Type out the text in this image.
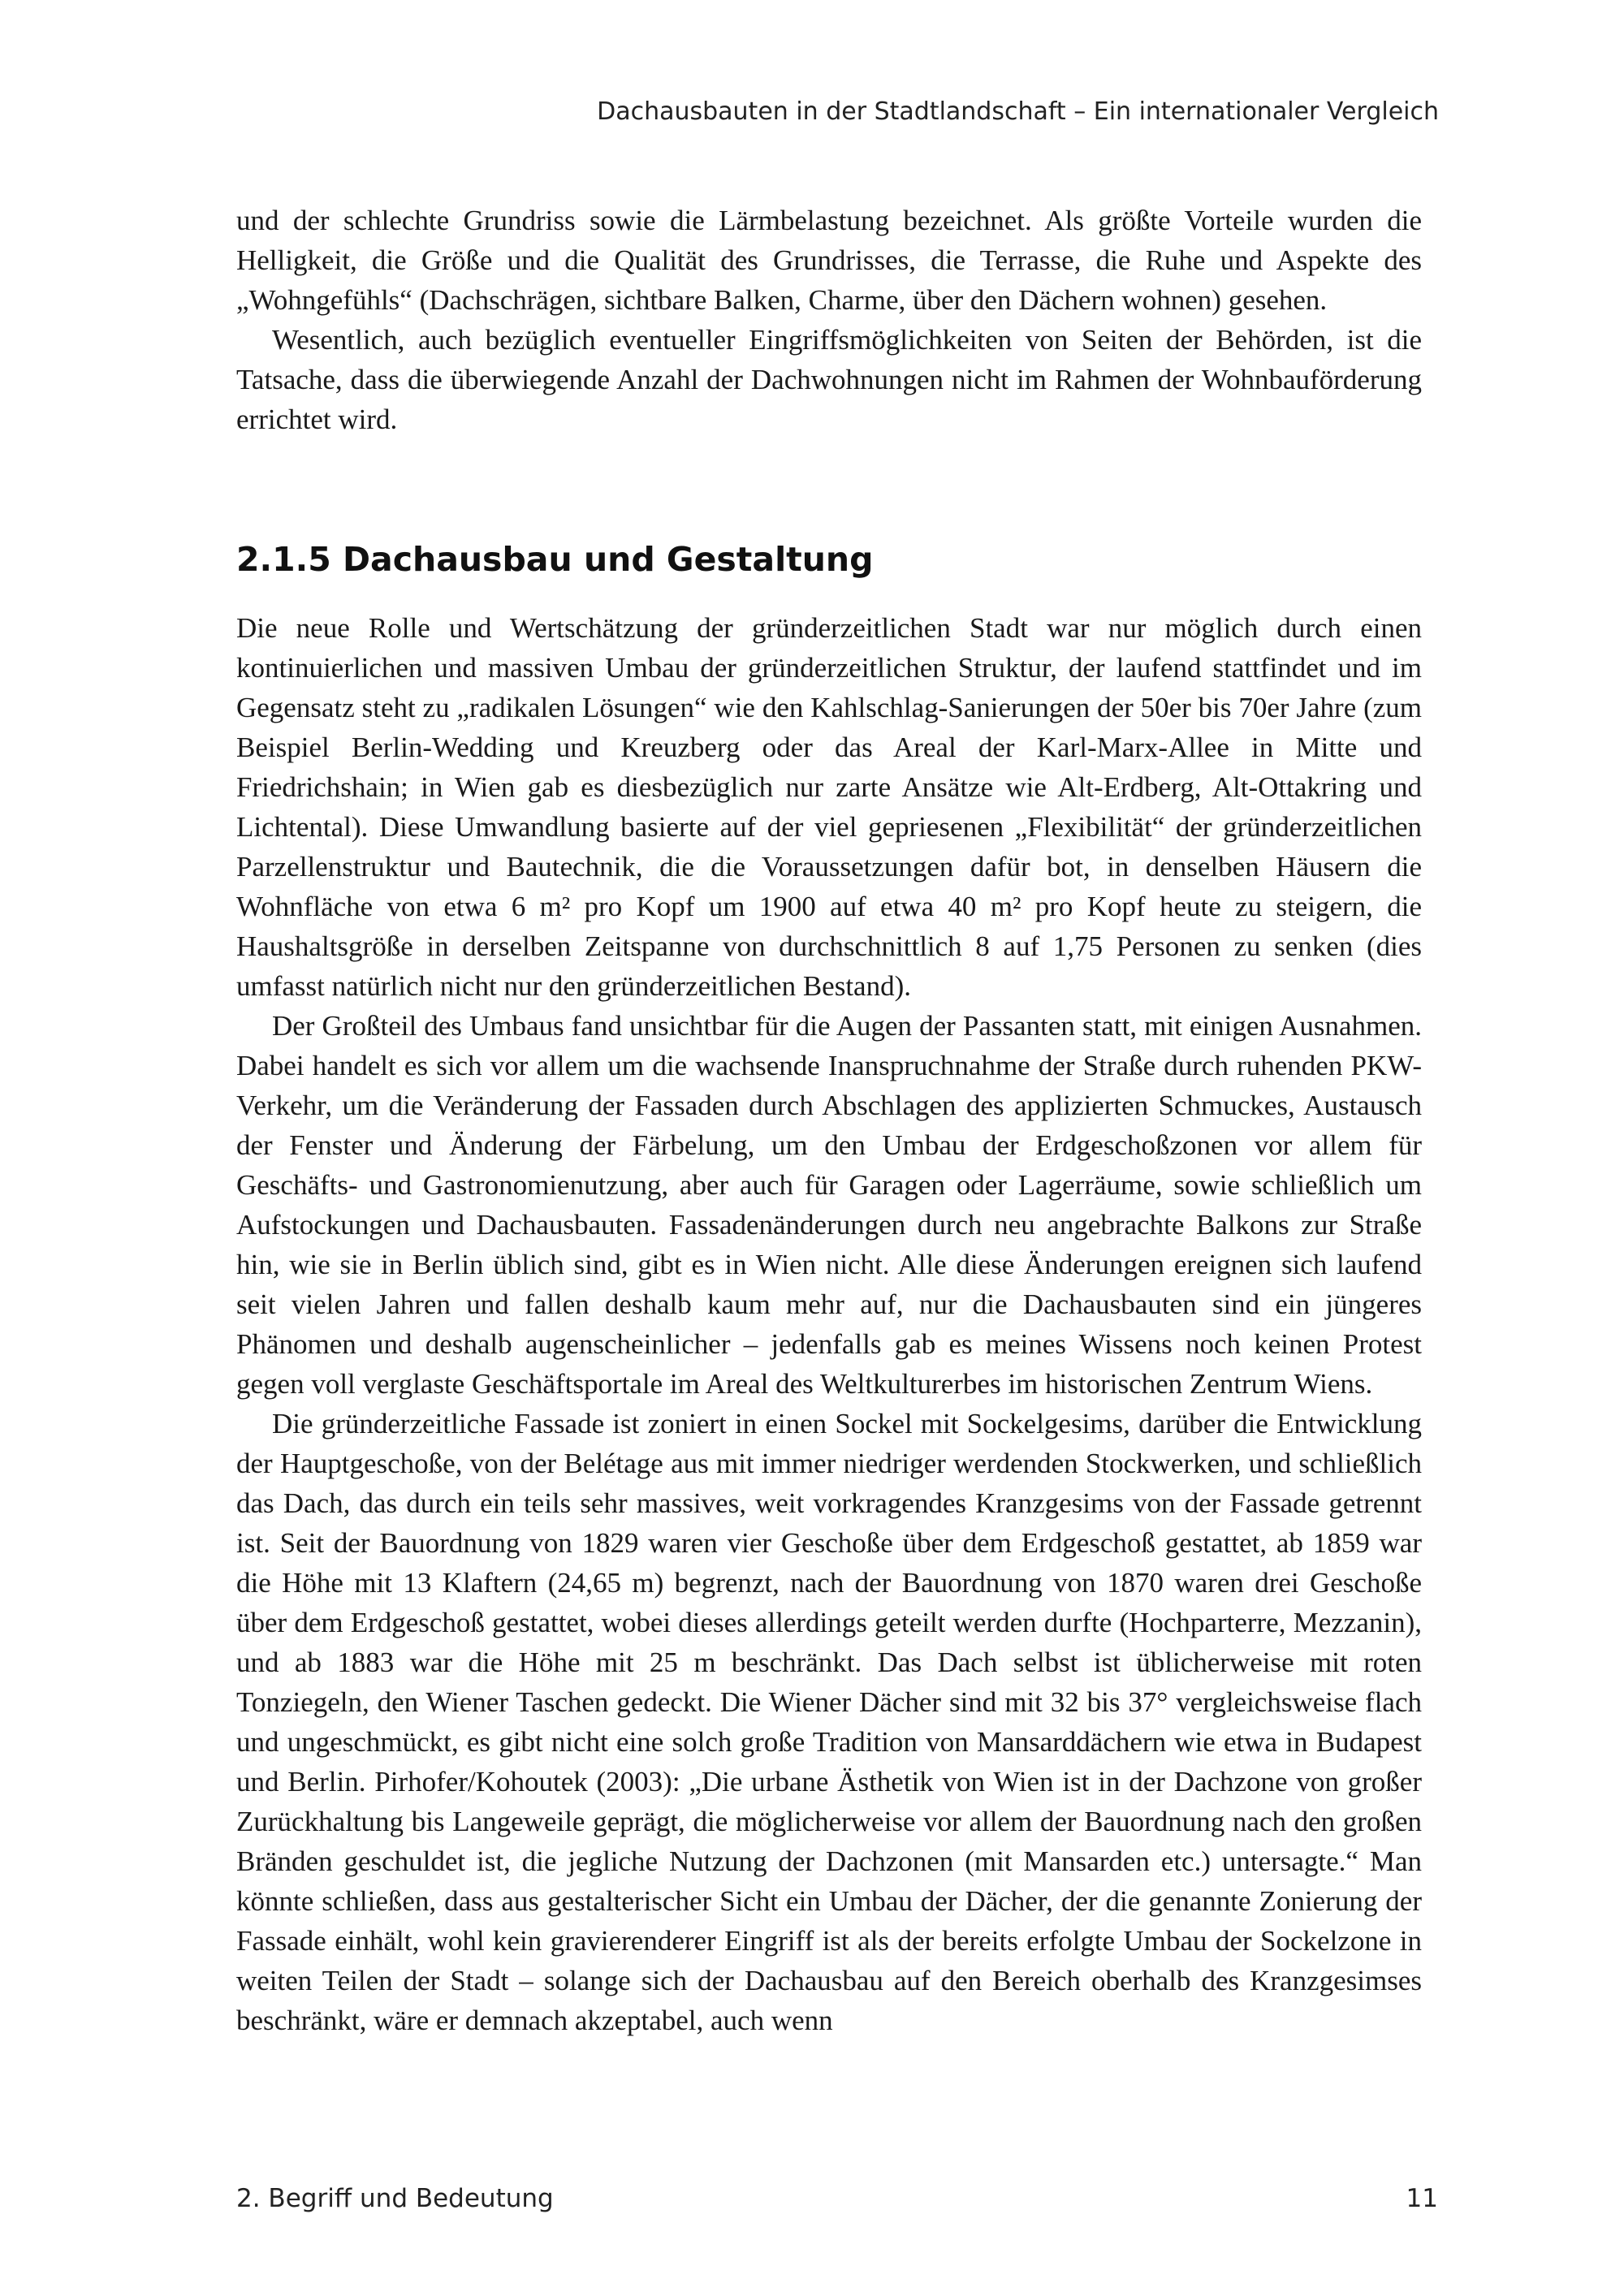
Dachausbauten in der Stadtlandschaft – Ein internationaler Vergleich

und der schlechte Grundriss sowie die Lärmbelastung bezeichnet. Als größte Vorteile wurden die Helligkeit, die Größe und die Qualität des Grundrisses, die Terrasse, die Ruhe und Aspekte des „Wohngefühls“ (Dachschrägen, sichtbare Balken, Charme, über den Dächern wohnen) gesehen.

Wesentlich, auch bezüglich eventueller Eingriffsmöglichkeiten von Seiten der Behörden, ist die Tatsache, dass die überwiegende Anzahl der Dachwohnungen nicht im Rahmen der Wohnbauförderung errichtet wird.

2.1.5 Dachausbau und Gestaltung

Die neue Rolle und Wertschätzung der gründerzeitlichen Stadt war nur möglich durch einen kontinuierlichen und massiven Umbau der gründerzeitlichen Struktur, der laufend stattfindet und im Gegensatz steht zu „radikalen Lösungen“ wie den Kahlschlag-Sanierungen der 50er bis 70er Jahre (zum Beispiel Berlin-Wedding und Kreuzberg oder das Areal der Karl-Marx-Allee in Mitte und Friedrichshain; in Wien gab es diesbezüglich nur zarte Ansätze wie Alt-Erdberg, Alt-Ottakring und Lichtental). Diese Umwandlung basierte auf der viel gepriesenen „Flexibilität“ der gründerzeitlichen Parzellenstruktur und Bautechnik, die die Voraussetzungen dafür bot, in denselben Häusern die Wohnfläche von etwa 6 m² pro Kopf um 1900 auf etwa 40 m² pro Kopf heute zu steigern, die Haushaltsgröße in derselben Zeitspanne von durchschnittlich 8 auf 1,75 Personen zu senken (dies umfasst natürlich nicht nur den gründerzeitlichen Bestand).

Der Großteil des Umbaus fand unsichtbar für die Augen der Passanten statt, mit einigen Ausnahmen. Dabei handelt es sich vor allem um die wachsende Inanspruchnahme der Straße durch ruhenden PKW-Verkehr, um die Veränderung der Fassaden durch Abschlagen des applizierten Schmuckes, Austausch der Fenster und Änderung der Färbelung, um den Umbau der Erdgeschoßzonen vor allem für Geschäfts- und Gastronomienutzung, aber auch für Garagen oder Lagerräume, sowie schließlich um Aufstockungen und Dachausbauten. Fassadenänderungen durch neu angebrachte Balkons zur Straße hin, wie sie in Berlin üblich sind, gibt es in Wien nicht. Alle diese Änderungen ereignen sich laufend seit vielen Jahren und fallen deshalb kaum mehr auf, nur die Dachausbauten sind ein jüngeres Phänomen und deshalb augenscheinlicher – jedenfalls gab es meines Wissens noch keinen Protest gegen voll verglaste Geschäftsportale im Areal des Weltkulturerbes im historischen Zentrum Wiens.

Die gründerzeitliche Fassade ist zoniert in einen Sockel mit Sockelgesims, darüber die Entwicklung der Hauptgeschoße, von der Belétage aus mit immer niedriger werdenden Stockwerken, und schließlich das Dach, das durch ein teils sehr massives, weit vorkragendes Kranzgesims von der Fassade getrennt ist. Seit der Bauordnung von 1829 waren vier Geschoße über dem Erdgeschoß gestattet, ab 1859 war die Höhe mit 13 Klaftern (24,65 m) begrenzt, nach der Bauordnung von 1870 waren drei Geschoße über dem Erdgeschoß gestattet, wobei dieses allerdings geteilt werden durfte (Hochparterre, Mezzanin), und ab 1883 war die Höhe mit 25 m beschränkt. Das Dach selbst ist üblicherweise mit roten Tonziegeln, den Wiener Taschen gedeckt. Die Wiener Dächer sind mit 32 bis 37° vergleichsweise flach und ungeschmückt, es gibt nicht eine solch große Tradition von Mansarddächern wie etwa in Budapest und Berlin. Pirhofer/Kohoutek (2003): „Die urbane Ästhetik von Wien ist in der Dachzone von großer Zurückhaltung bis Langeweile geprägt, die möglicherweise vor allem der Bauordnung nach den großen Bränden geschuldet ist, die jegliche Nutzung der Dachzonen (mit Mansarden etc.) untersagte.“ Man könnte schließen, dass aus gestalterischer Sicht ein Umbau der Dächer, der die genannte Zonierung der Fassade einhält, wohl kein gravierenderer Eingriff ist als der bereits erfolgte Umbau der Sockelzone in weiten Teilen der Stadt – solange sich der Dachausbau auf den Bereich oberhalb des Kranzgesimses beschränkt, wäre er demnach akzeptabel, auch wenn

2. Begriff und Bedeutung	11
